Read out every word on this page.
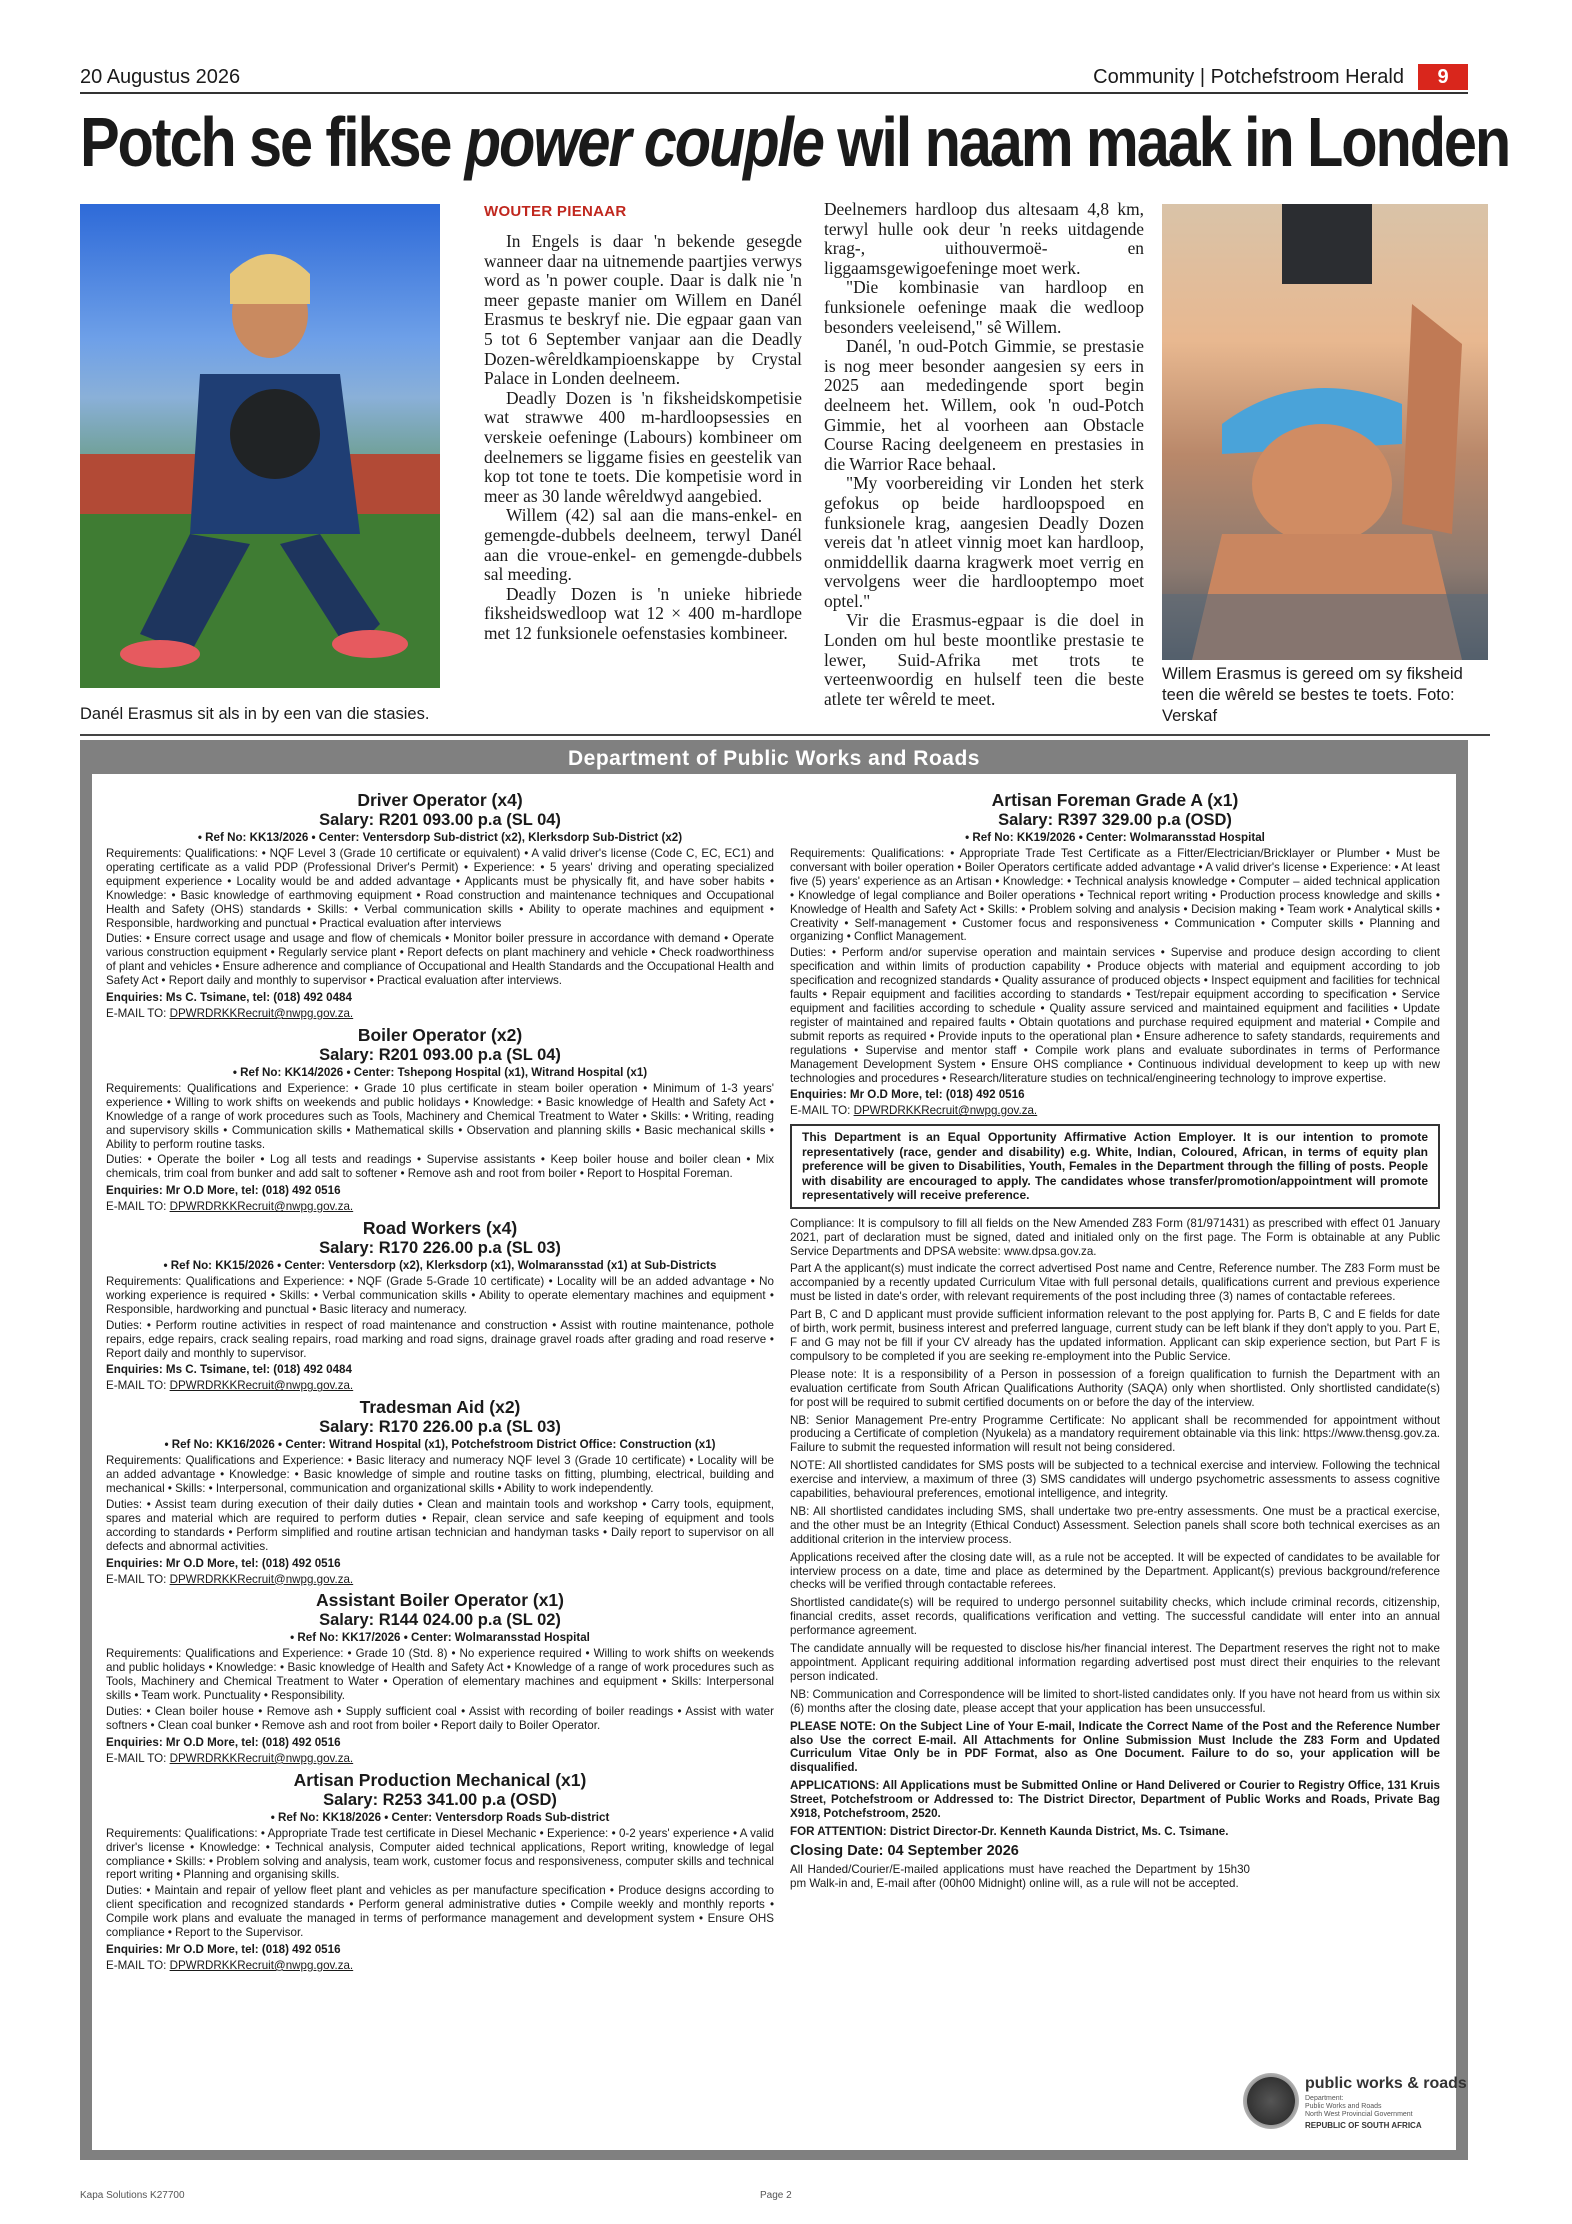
20 Augustus 2026	Community | Potchefstroom Herald	9
Potch se fikse power couple wil naam maak in Londen
Danél Erasmus sit als in by een van die stasies.
WOUTER PIENAAR

In Engels is daar 'n bekende gesegde wanneer daar na uitnemende paartjies verwys word as 'n power couple. Daar is dalk nie 'n meer gepaste manier om Willem en Danél Erasmus te beskryf nie. Die egpaar gaan van 5 tot 6 September vanjaar aan die Deadly Dozen-wêreldkampioenskappe by Crystal Palace in Londen deelneem.

Deadly Dozen is 'n fiksheidskompetisie wat strawwe 400 m-hardloopsessies en verskeie oefeninge (Labours) kombineer om deelnemers se liggame fisies en geestelik van kop tot tone te toets. Die kompetisie word in meer as 30 lande wêreldwyd aangebied.

Willem (42) sal aan die mans-enkel- en gemengde-dubbels deelneem, terwyl Danél aan die vroue-enkel- en gemengde-dubbels sal meeding.

Deadly Dozen is 'n unieke hibriede fiksheidswedloop wat 12 × 400 m-hardlope met 12 funksionele oefenstasies kombineer.

Deelnemers hardloop dus altesaam 4,8 km, terwyl hulle ook deur 'n reeks uitdagende krag-, uithouvermoë- en liggaamsgewigoefeninge moet werk.

"Die kombinasie van hardloop en funksionele oefeninge maak die wedloop besonders veeleisend," sê Willem.

Danél, 'n oud-Potch Gimmie, se prestasie is nog meer besonder aangesien sy eers in 2025 aan mededingende sport begin deelneem het. Willem, ook 'n oud-Potch Gimmie, het al voorheen aan Obstacle Course Racing deelgeneem en prestasies in die Warrior Race behaal.

"My voorbereiding vir Londen het sterk gefokus op beide hardloopspoed en funksionele krag, aangesien Deadly Dozen vereis dat 'n atleet vinnig moet kan hardloop, onmiddellik daarna kragwerk moet verrig en vervolgens weer die hardlooptempo moet optel."

Vir die Erasmus-egpaar is die doel in Londen om hul beste moontlike prestasie te lewer, Suid-Afrika met trots te verteenwoordig en hulself teen die beste atlete ter wêreld te meet.

Willem Erasmus is gereed om sy fiksheid teen die wêreld se bestes te toets. Foto: Verskaf
Department of Public Works and Roads
Driver Operator (x4)
Salary: R201 093.00 p.a (SL 04)
• Ref No: KK13/2026 • Center: Ventersdorp Sub-district (x2), Klerksdorp Sub-District (x2)

Requirements: Qualifications: • NQF Level 3 (Grade 10 certificate or equivalent) • A valid driver's license (Code C, EC, EC1) and operating certificate as a valid PDP (Professional Driver's Permit) • Experience: • 5 years' driving and operating specialized equipment experience • Locality would be and added advantage • Applicants must be physically fit, and have sober habits • Knowledge: • Basic knowledge of earthmoving equipment • Road construction and maintenance techniques and Occupational Health and Safety (OHS) standards • Skills: • Verbal communication skills • Ability to operate machines and equipment • Responsible, hardworking and punctual • Practical evaluation after interviews

Duties: • Ensure correct usage and usage and flow of chemicals • Monitor boiler pressure in accordance with demand • Operate various construction equipment • Regularly service plant • Report defects on plant machinery and vehicle • Check roadworthiness of plant and vehicles • Ensure adherence and compliance of Occupational and Health Standards and the Occupational Health and Safety Act • Report daily and monthly to supervisor • Practical evaluation after interviews.

Enquiries: Ms C. Tsimane, tel: (018) 492 0484

E-MAIL TO: DPWRDRKKRecruit@nwpg.gov.za.

Boiler Operator (x2)
Salary: R201 093.00 p.a (SL 04)
• Ref No: KK14/2026 • Center: Tshepong Hospital (x1), Witrand Hospital (x1)

Requirements: Qualifications and Experience: • Grade 10 plus certificate in steam boiler operation • Minimum of 1-3 years' experience • Willing to work shifts on weekends and public holidays • Knowledge: • Basic knowledge of Health and Safety Act • Knowledge of a range of work procedures such as Tools, Machinery and Chemical Treatment to Water • Skills: • Writing, reading and supervisory skills • Communication skills • Mathematical skills • Observation and planning skills • Basic mechanical skills • Ability to perform routine tasks.

Duties: • Operate the boiler • Log all tests and readings • Supervise assistants • Keep boiler house and boiler clean • Mix chemicals, trim coal from bunker and add salt to softener • Remove ash and root from boiler • Report to Hospital Foreman.

Enquiries: Mr O.D More, tel: (018) 492 0516

E-MAIL TO: DPWRDRKKRecruit@nwpg.gov.za.

Road Workers (x4)
Salary: R170 226.00 p.a (SL 03)
• Ref No: KK15/2026 • Center: Ventersdorp (x2), Klerksdorp (x1), Wolmaransstad (x1) at Sub-Districts

Requirements: Qualifications and Experience: • NQF (Grade 5-Grade 10 certificate) • Locality will be an added advantage • No working experience is required • Skills: • Verbal communication skills • Ability to operate elementary machines and equipment • Responsible, hardworking and punctual • Basic literacy and numeracy.

Duties: • Perform routine activities in respect of road maintenance and construction • Assist with routine maintenance, pothole repairs, edge repairs, crack sealing repairs, road marking and road signs, drainage gravel roads after grading and road reserve • Report daily and monthly to supervisor.

Enquiries: Ms C. Tsimane, tel: (018) 492 0484

E-MAIL TO: DPWRDRKKRecruit@nwpg.gov.za.

Tradesman Aid (x2)
Salary: R170 226.00 p.a (SL 03)
• Ref No: KK16/2026 • Center: Witrand Hospital (x1), Potchefstroom District Office: Construction (x1)

Requirements: Qualifications and Experience: • Basic literacy and numeracy NQF level 3 (Grade 10 certificate) • Locality will be an added advantage • Knowledge: • Basic knowledge of simple and routine tasks on fitting, plumbing, electrical, building and mechanical • Skills: • Interpersonal, communication and organizational skills • Ability to work independently.

Duties: • Assist team during execution of their daily duties • Clean and maintain tools and workshop • Carry tools, equipment, spares and material which are required to perform duties • Repair, clean service and safe keeping of equipment and tools according to standards • Perform simplified and routine artisan technician and handyman tasks • Daily report to supervisor on all defects and abnormal activities.

Enquiries: Mr O.D More, tel: (018) 492 0516

E-MAIL TO: DPWRDRKKRecruit@nwpg.gov.za.

Assistant Boiler Operator (x1)
Salary: R144 024.00 p.a (SL 02)
• Ref No: KK17/2026 • Center: Wolmaransstad Hospital

Requirements: Qualifications and Experience: • Grade 10 (Std. 8) • No experience required • Willing to work shifts on weekends and public holidays • Knowledge: • Basic knowledge of Health and Safety Act • Knowledge of a range of work procedures such as Tools, Machinery and Chemical Treatment to Water • Operation of elementary machines and equipment • Skills: Interpersonal skills • Team work. Punctuality • Responsibility.

Duties: • Clean boiler house • Remove ash • Supply sufficient coal • Assist with recording of boiler readings • Assist with water softners • Clean coal bunker • Remove ash and root from boiler • Report daily to Boiler Operator.

Enquiries: Mr O.D More, tel: (018) 492 0516

E-MAIL TO: DPWRDRKKRecruit@nwpg.gov.za.

Artisan Production Mechanical (x1)
Salary: R253 341.00 p.a (OSD)
• Ref No: KK18/2026 • Center: Ventersdorp Roads Sub-district

Requirements: Qualifications: • Appropriate Trade test certificate in Diesel Mechanic • Experience: • 0-2 years' experience • A valid driver's license • Knowledge: • Technical analysis, Computer aided technical applications, Report writing, knowledge of legal compliance • Skills: • Problem solving and analysis, team work, customer focus and responsiveness, computer skills and technical report writing • Planning and organising skills.

Duties: • Maintain and repair of yellow fleet plant and vehicles as per manufacture specification • Produce designs according to client specification and recognized standards • Perform general administrative duties • Compile weekly and monthly reports • Compile work plans and evaluate the managed in terms of performance management and development system • Ensure OHS compliance • Report to the Supervisor.

Enquiries: Mr O.D More, tel: (018) 492 0516

E-MAIL TO: DPWRDRKKRecruit@nwpg.gov.za.

Artisan Foreman Grade A (x1)
Salary: R397 329.00 p.a (OSD)
• Ref No: KK19/2026 • Center: Wolmaransstad Hospital

Requirements: Qualifications: • Appropriate Trade Test Certificate as a Fitter/Electrician/Bricklayer or Plumber • Must be conversant with boiler operation • Boiler Operators certificate added advantage • A valid driver's license • Experience: • At least five (5) years' experience as an Artisan • Knowledge: • Technical analysis knowledge • Computer – aided technical application • Knowledge of legal compliance and Boiler operations • Technical report writing • Production process knowledge and skills • Knowledge of Health and Safety Act • Skills: • Problem solving and analysis • Decision making • Team work • Analytical skills • Creativity • Self-management • Customer focus and responsiveness • Communication • Computer skills • Planning and organizing • Conflict Management.

Duties: • Perform and/or supervise operation and maintain services • Supervise and produce design according to client specification and within limits of production capability • Produce objects with material and equipment according to job specification and recognized standards • Quality assurance of produced objects • Inspect equipment and facilities for technical faults • Repair equipment and facilities according to standards • Test/repair equipment according to specification • Service equipment and facilities according to schedule • Quality assure serviced and maintained equipment and facilities • Update register of maintained and repaired faults • Obtain quotations and purchase required equipment and material • Compile and submit reports as required • Provide inputs to the operational plan • Ensure adherence to safety standards, requirements and regulations • Supervise and mentor staff • Compile work plans and evaluate subordinates in terms of Performance Management Development System • Ensure OHS compliance • Continuous individual development to keep up with new technologies and procedures • Research/literature studies on technical/engineering technology to improve expertise.

Enquiries: Mr O.D More, tel: (018) 492 0516

E-MAIL TO: DPWRDRKKRecruit@nwpg.gov.za.

This Department is an Equal Opportunity Affirmative Action Employer. It is our intention to promote representatively (race, gender and disability) e.g. White, Indian, Coloured, African, in terms of equity plan preference will be given to Disabilities, Youth, Females in the Department through the filling of posts. People with disability are encouraged to apply. The candidates whose transfer/promotion/appointment will promote representatively will receive preference.

Compliance: It is compulsory to fill all fields on the New Amended Z83 Form (81/971431) as prescribed with effect 01 January 2021, part of declaration must be signed, dated and initialed only on the first page. The Form is obtainable at any Public Service Departments and DPSA website: www.dpsa.gov.za.

Part A the applicant(s) must indicate the correct advertised Post name and Centre, Reference number. The Z83 Form must be accompanied by a recently updated Curriculum Vitae with full personal details, qualifications current and previous experience must be listed in date's order, with relevant requirements of the post including three (3) names of contactable referees.

Part B, C and D applicant must provide sufficient information relevant to the post applying for. Parts B, C and E fields for date of birth, work permit, business interest and preferred language, current study can be left blank if they don't apply to you. Part E, F and G may not be fill if your CV already has the updated information. Applicant can skip experience section, but Part F is compulsory to be completed if you are seeking re-employment into the Public Service.

Please note: It is a responsibility of a Person in possession of a foreign qualification to furnish the Department with an evaluation certificate from South African Qualifications Authority (SAQA) only when shortlisted. Only shortlisted candidate(s) for post will be required to submit certified documents on or before the day of the interview.

NB: Senior Management Pre-entry Programme Certificate: No applicant shall be recommended for appointment without producing a Certificate of completion (Nyukela) as a mandatory requirement obtainable via this link: https://www.thensg.gov.za. Failure to submit the requested information will result not being considered.

NOTE: All shortlisted candidates for SMS posts will be subjected to a technical exercise and interview. Following the technical exercise and interview, a maximum of three (3) SMS candidates will undergo psychometric assessments to assess cognitive capabilities, behavioural preferences, emotional intelligence, and integrity.

NB: All shortlisted candidates including SMS, shall undertake two pre-entry assessments. One must be a practical exercise, and the other must be an Integrity (Ethical Conduct) Assessment. Selection panels shall score both technical exercises as an additional criterion in the interview process.

Applications received after the closing date will, as a rule not be accepted. It will be expected of candidates to be available for interview process on a date, time and place as determined by the Department. Applicant(s) previous background/reference checks will be verified through contactable referees.

Shortlisted candidate(s) will be required to undergo personnel suitability checks, which include criminal records, citizenship, financial credits, asset records, qualifications verification and vetting. The successful candidate will enter into an annual performance agreement.

The candidate annually will be requested to disclose his/her financial interest. The Department reserves the right not to make appointment. Applicant requiring additional information regarding advertised post must direct their enquiries to the relevant person indicated.

NB: Communication and Correspondence will be limited to short-listed candidates only. If you have not heard from us within six (6) months after the closing date, please accept that your application has been unsuccessful.

PLEASE NOTE: On the Subject Line of Your E-mail, Indicate the Correct Name of the Post and the Reference Number also Use the correct E-mail. All Attachments for Online Submission Must Include the Z83 Form and Updated Curriculum Vitae Only be in PDF Format, also as One Document. Failure to do so, your application will be disqualified.

APPLICATIONS: All Applications must be Submitted Online or Hand Delivered or Courier to Registry Office, 131 Kruis Street, Potchefstroom or Addressed to: The District Director, Department of Public Works and Roads, Private Bag X918, Potchefstroom, 2520.

FOR ATTENTION: District Director-Dr. Kenneth Kaunda District, Ms. C. Tsimane.

Closing Date: 04 September 2026

All Handed/Courier/E-mailed applications must have reached the Department by 15h30 pm Walk-in and, E-mail after (00h00 Midnight) online will, as a rule will not be accepted.

public works & roads
Department:
Public Works and Roads
North West Provincial Government
REPUBLIC OF SOUTH AFRICA
Kapa Solutions K27700	Page 2
